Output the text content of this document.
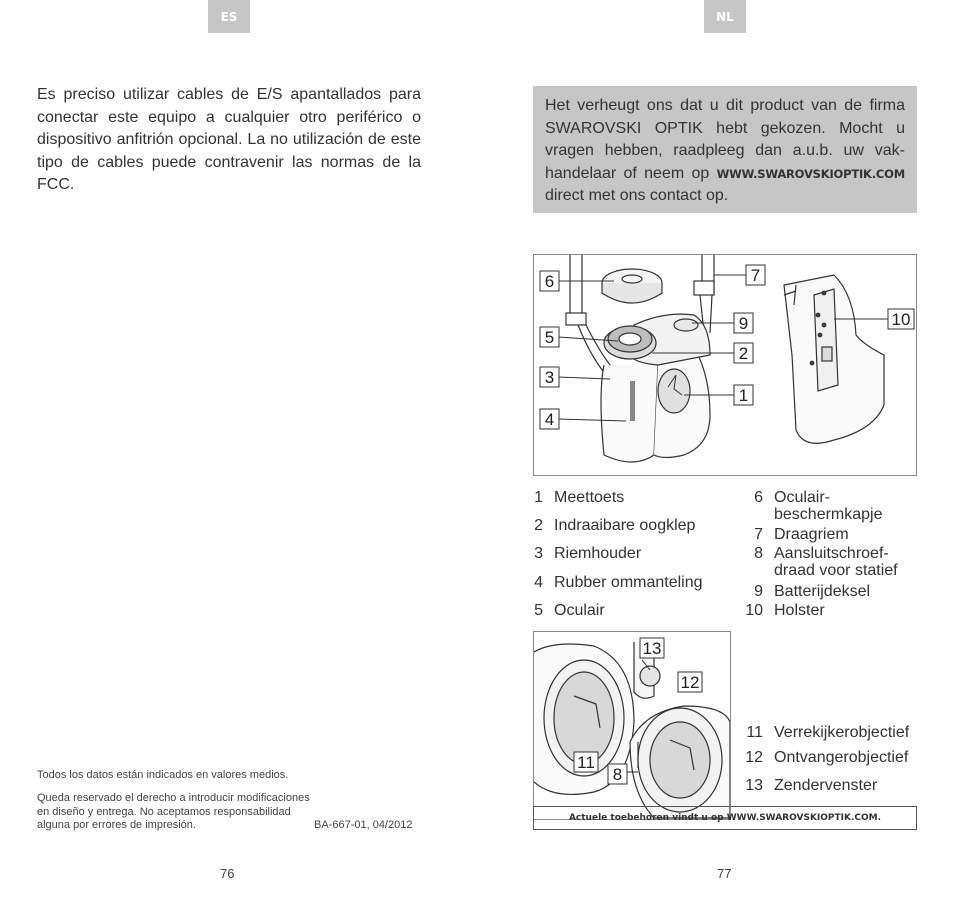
ES	NL
Es preciso utilizar cables de E/S apantallados para conectar este equipo a cualquier otro periférico o dispositivo anfitrión opcional. La no utilización de este tipo de cables puede contravenir las normas de la FCC.
Todos los datos están indicados en valores medios.
Queda reservado el derecho a introducir modificaciones
en diseño y entrega. No aceptamos responsabilidad
alguna por errores de impresión.	BA-667-01, 04/2012
76
Het verheugt ons dat u dit product van de firma SWAROVSKI OPTIK hebt gekozen. Mocht u vragen hebben, raadpleeg dan a.u.b. uw vak-handelaar of neem op WWW.SWAROVSKIOPTIK.COM direct met ons contact op.
6
5
3
4
7
9
2
1
10
1 Meettoets
2 Indraaibare oogklep
3 Riemhouder
4 Rubber ommanteling
5 Oculair
6 Oculair-
beschermkapje
7 Draagriem
8 Aansluitschroef-
draad voor statief
9 Batterijdeksel
10 Holster
13
12
11
8
11 Verrekijkerobjectief
12 Ontvangerobjectief
13 Zendervenster
Actuele toebehoren vindt u op WWW.SWAROVSKIOPTIK.COM.
77
